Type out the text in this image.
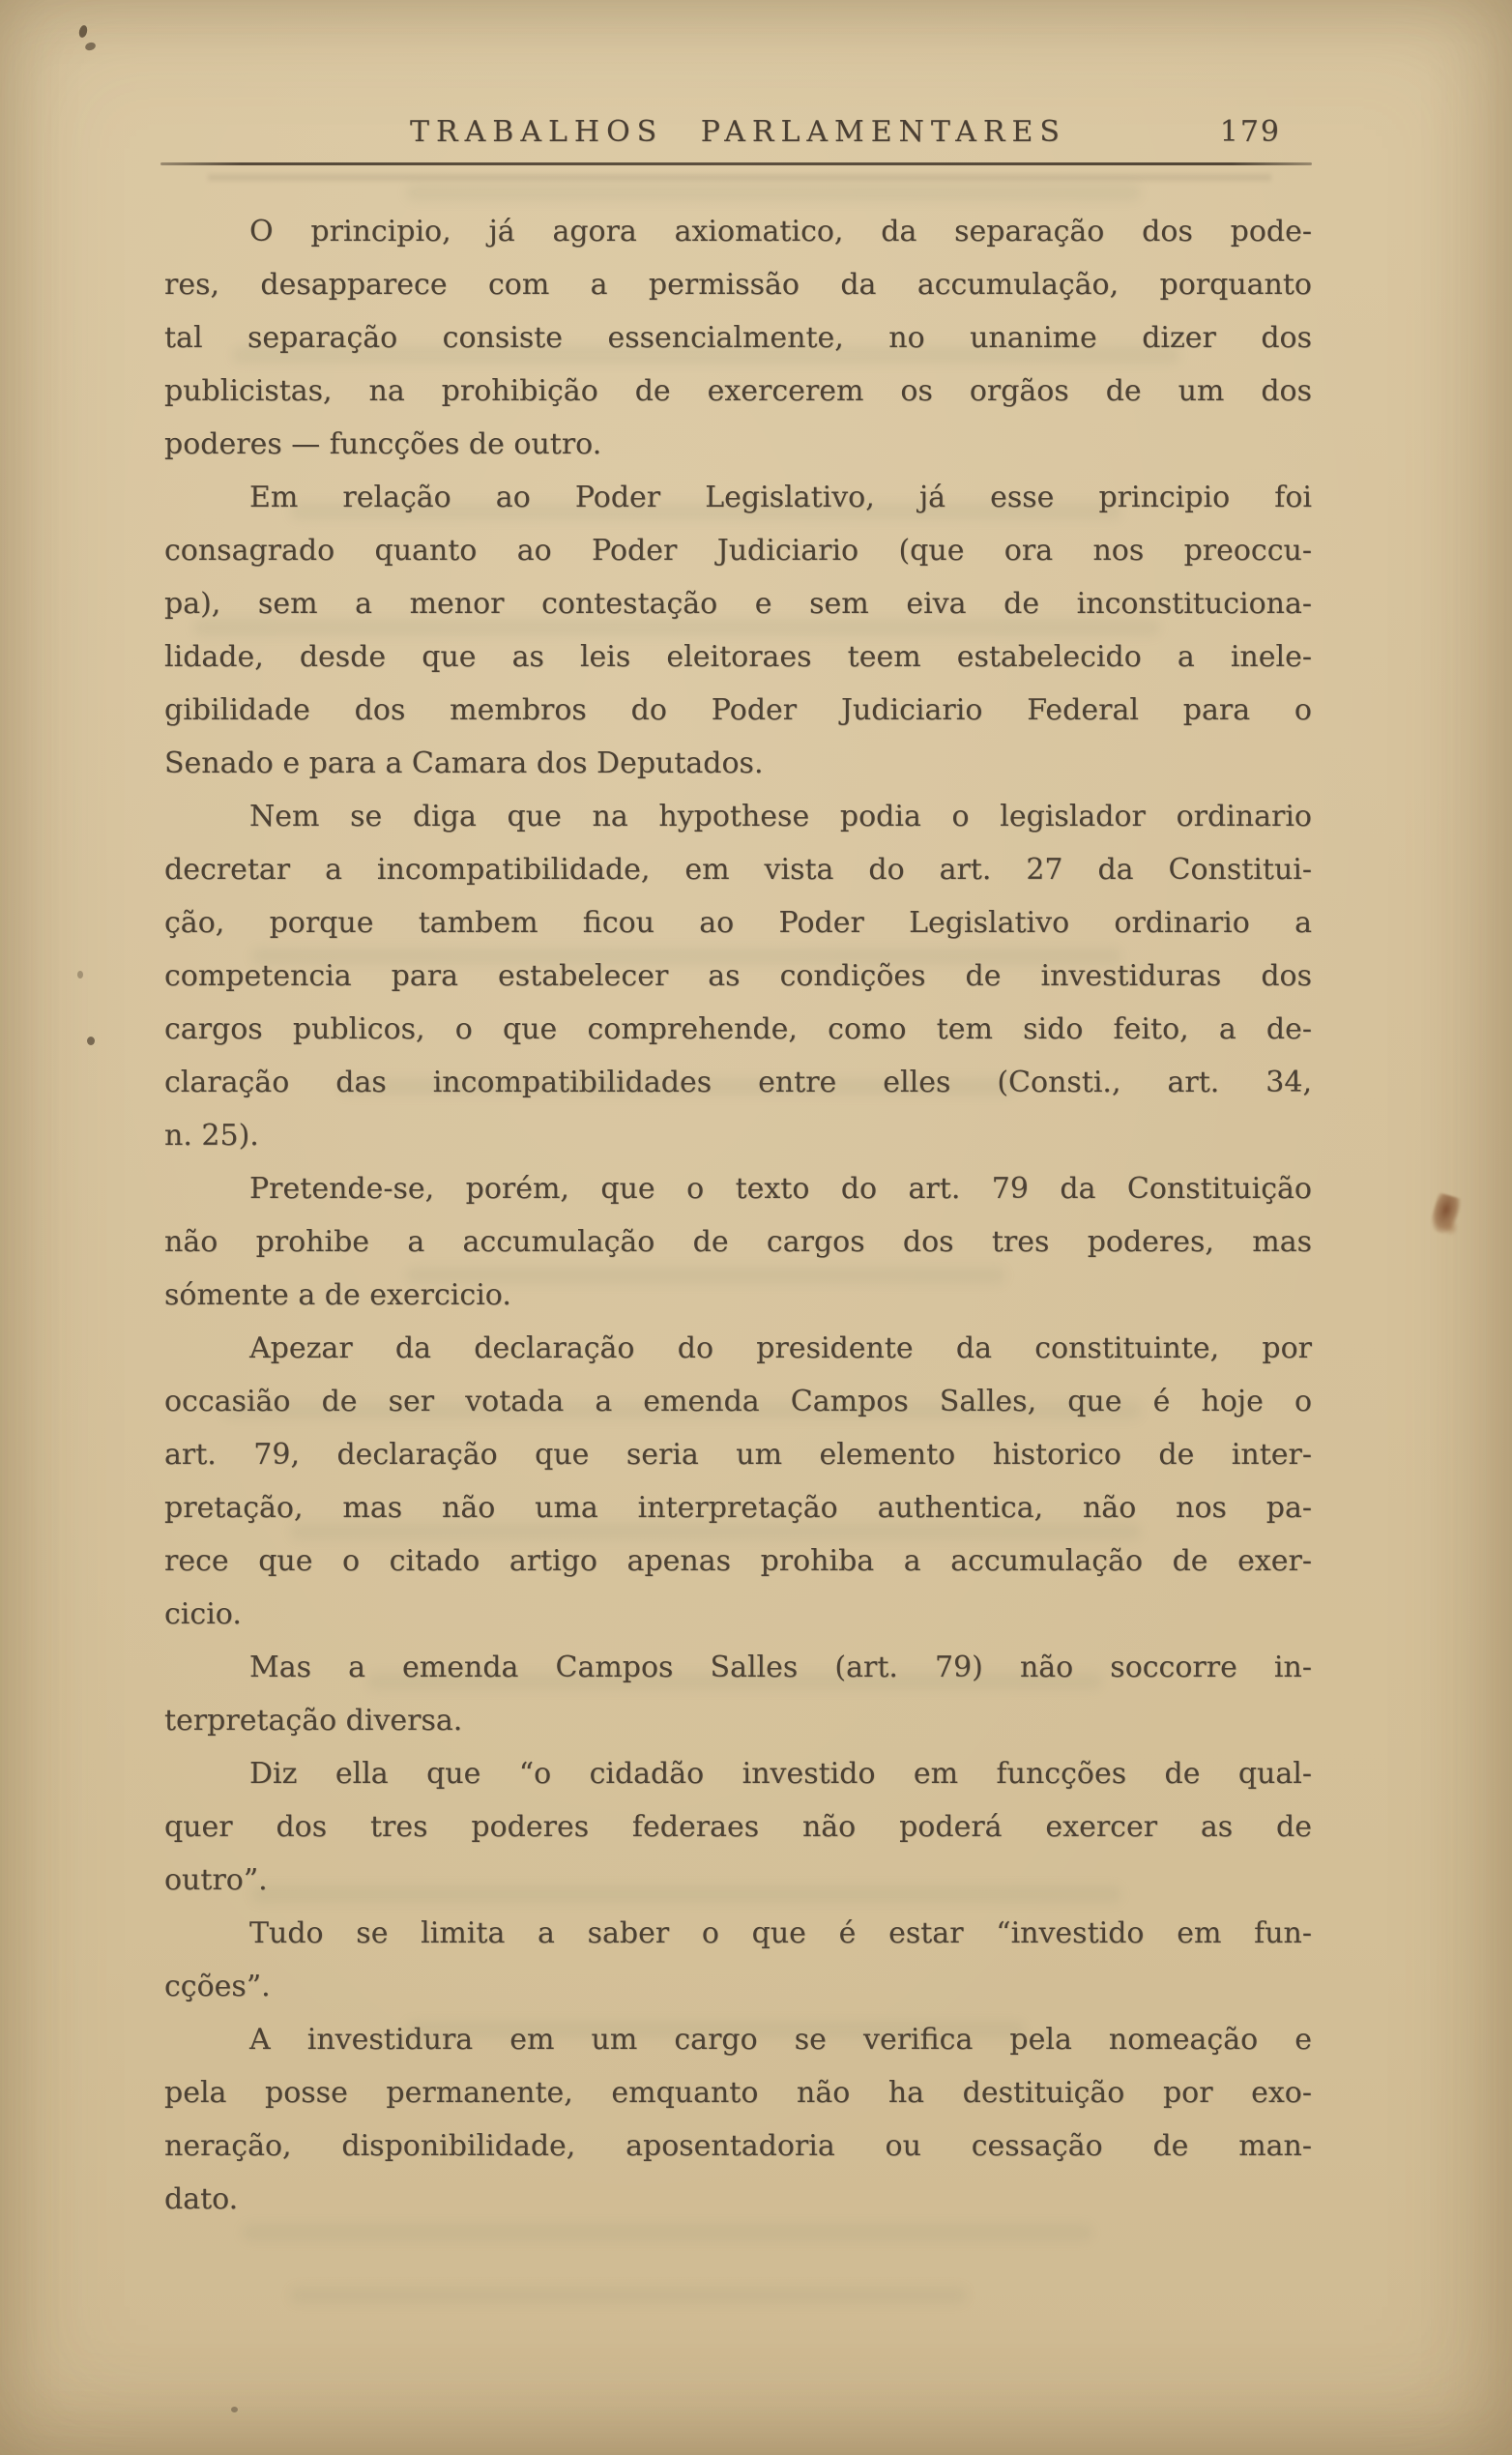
TRABALHOS PARLAMENTARES	179
O principio, já agora axiomatico, da separação dos pode-
res, desapparece com a permissão da accumulação, porquanto
tal separação consiste essencialmente, no unanime dizer dos
publicistas, na prohibição de exercerem os orgãos de um dos
poderes — funcções de outro.
Em relação ao Poder Legislativo, já esse principio foi
consagrado quanto ao Poder Judiciario (que ora nos preoccu-
pa), sem a menor contestação e sem eiva de inconstituciona-
lidade, desde que as leis eleitoraes teem estabelecido a inele-
gibilidade dos membros do Poder Judiciario Federal para o
Senado e para a Camara dos Deputados.
Nem se diga que na hypothese podia o legislador ordinario
decretar a incompatibilidade, em vista do art. 27 da Constitui-
ção, porque tambem ficou ao Poder Legislativo ordinario a
competencia para estabelecer as condições de investiduras dos
cargos publicos, o que comprehende, como tem sido feito, a de-
claração das incompatibilidades entre elles (Consti., art. 34,
n. 25).
Pretende-se, porém, que o texto do art. 79 da Constituição
não prohibe a accumulação de cargos dos tres poderes, mas
sómente a de exercicio.
Apezar da declaração do presidente da constituinte, por
occasião de ser votada a emenda Campos Salles, que é hoje o
art. 79, declaração que seria um elemento historico de inter-
pretação, mas não uma interpretação authentica, não nos pa-
rece que o citado artigo apenas prohiba a accumulação de exer-
cicio.
Mas a emenda Campos Salles (art. 79) não soccorre in-
terpretação diversa.
Diz ella que “o cidadão investido em funcções de qual-
quer dos tres poderes federaes não poderá exercer as de
outro”.
Tudo se limita a saber o que é estar “investido em fun-
cções”.
A investidura em um cargo se verifica pela nomeação e
pela posse permanente, emquanto não ha destituição por exo-
neração, disponibilidade, aposentadoria ou cessação de man-
dato.
